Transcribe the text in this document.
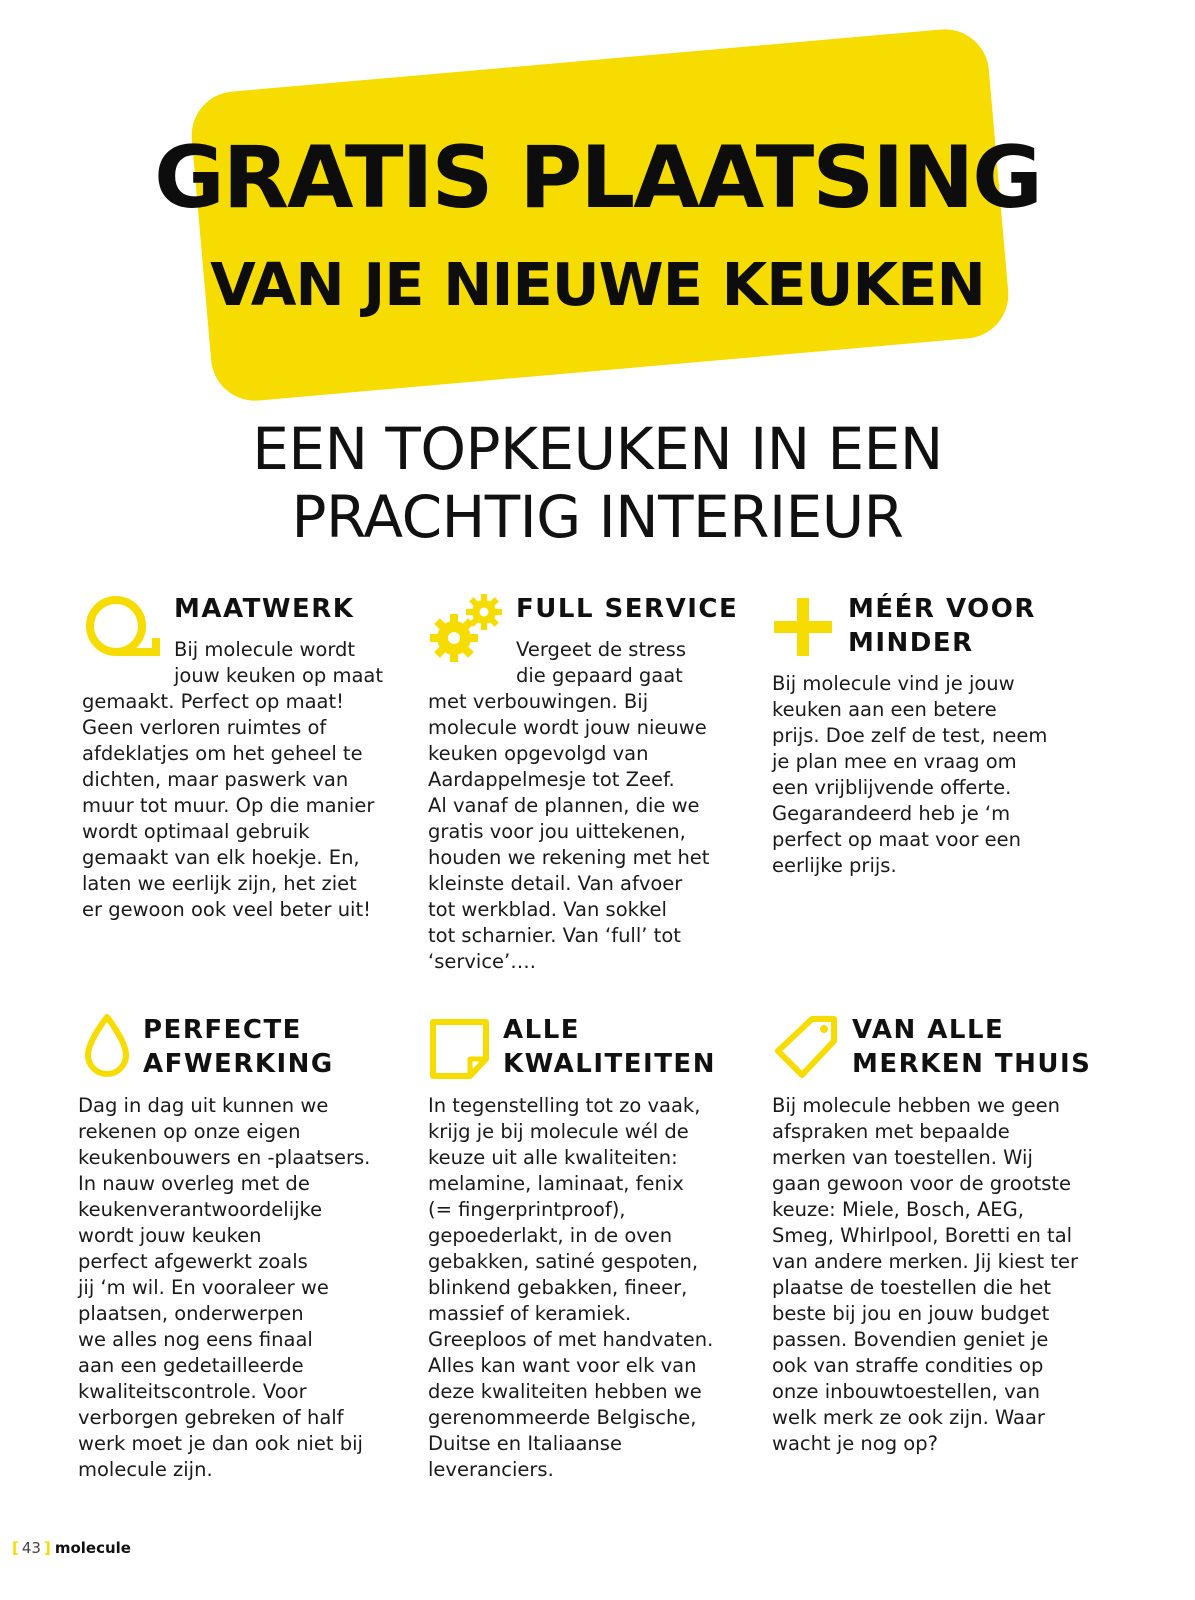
GRATIS PLAATSING
VAN JE NIEUWE KEUKEN
EEN TOPKEUKEN IN EEN
PRACHTIG INTERIEUR
MAATWERK
Bij molecule wordt
jouw keuken op maat
gemaakt. Perfect op maat!
Geen verloren ruimtes of
afdeklatjes om het geheel te
dichten, maar paswerk van
muur tot muur. Op die manier
wordt optimaal gebruik
gemaakt van elk hoekje. En,
laten we eerlijk zijn, het ziet
er gewoon ook veel beter uit!
FULL SERVICE
Vergeet de stress
die gepaard gaat
met verbouwingen. Bij
molecule wordt jouw nieuwe
keuken opgevolgd van
Aardappelmesje tot Zeef.
Al vanaf de plannen, die we
gratis voor jou uittekenen,
houden we rekening met het
kleinste detail. Van afvoer
tot werkblad. Van sokkel
tot scharnier. Van ‘full’ tot
‘service’….
MÉÉR VOOR
MINDER
Bij molecule vind je jouw
keuken aan een betere
prijs. Doe zelf de test, neem
je plan mee en vraag om
een vrijblijvende offerte.
Gegarandeerd heb je ‘m
perfect op maat voor een
eerlijke prijs.
PERFECTE
AFWERKING
Dag in dag uit kunnen we
rekenen op onze eigen
keukenbouwers en -plaatsers.
In nauw overleg met de
keukenverantwoordelijke
wordt jouw keuken
perfect afgewerkt zoals
jij ‘m wil. En vooraleer we
plaatsen, onderwerpen
we alles nog eens finaal
aan een gedetailleerde
kwaliteitscontrole. Voor
verborgen gebreken of half
werk moet je dan ook niet bij
molecule zijn.
ALLE
KWALITEITEN
In tegenstelling tot zo vaak,
krijg je bij molecule wél de
keuze uit alle kwaliteiten:
melamine, laminaat, fenix
(= fingerprintproof),
gepoederlakt, in de oven
gebakken, satiné gespoten,
blinkend gebakken, fineer,
massief of keramiek.
Greeploos of met handvaten.
Alles kan want voor elk van
deze kwaliteiten hebben we
gerenommeerde Belgische,
Duitse en Italiaanse
leveranciers.
VAN ALLE
MERKEN THUIS
Bij molecule hebben we geen
afspraken met bepaalde
merken van toestellen. Wij
gaan gewoon voor de grootste
keuze: Miele, Bosch, AEG,
Smeg, Whirlpool, Boretti en tal
van andere merken. Jij kiest ter
plaatse de toestellen die het
beste bij jou en jouw budget
passen. Bovendien geniet je
ook van straffe condities op
onze inbouwtoestellen, van
welk merk ze ook zijn. Waar
wacht je nog op?
[ 43 ] molecule
